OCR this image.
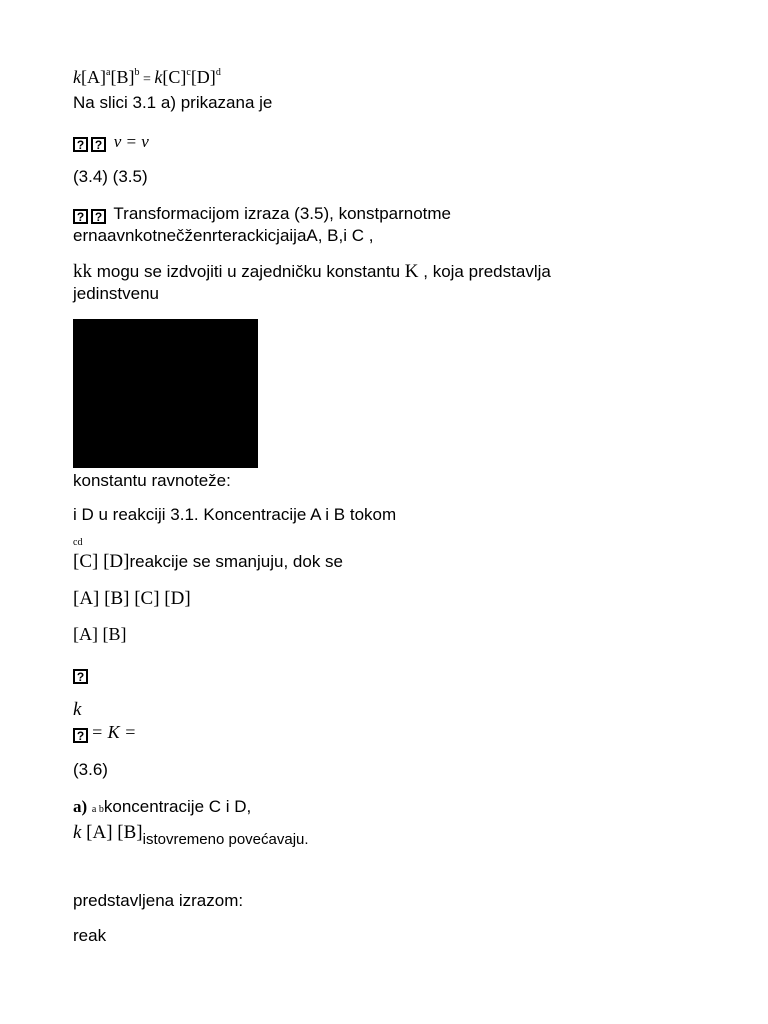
$k[A]^a[B]^b = k[C]^c[D]^d$
Na slici 3.1 a) prikazana je
? ? v = v
(3.4) (3.5)
? ? Transformacijom izraza (3.5), konstparnotme
ernaavnkotnečženrterackicjaijaA, B,i C ,
kk mogu se izdvojiti u zajedničku konstantu K , koja predstavlja
jedinstvenu
konstantu ravnoteže:
i D u reakciji 3.1. Koncentracije A i B tokom
cd
[C] [D]reakcije se smanjuju, dok se
[A] [B] [C] [D]
[A] [B]
?
k
? = K =
(3.6)
a) a bkoncentracije C i D,
k [A] [B]istovremeno povećavaju.
predstavljena izrazom:
reak
